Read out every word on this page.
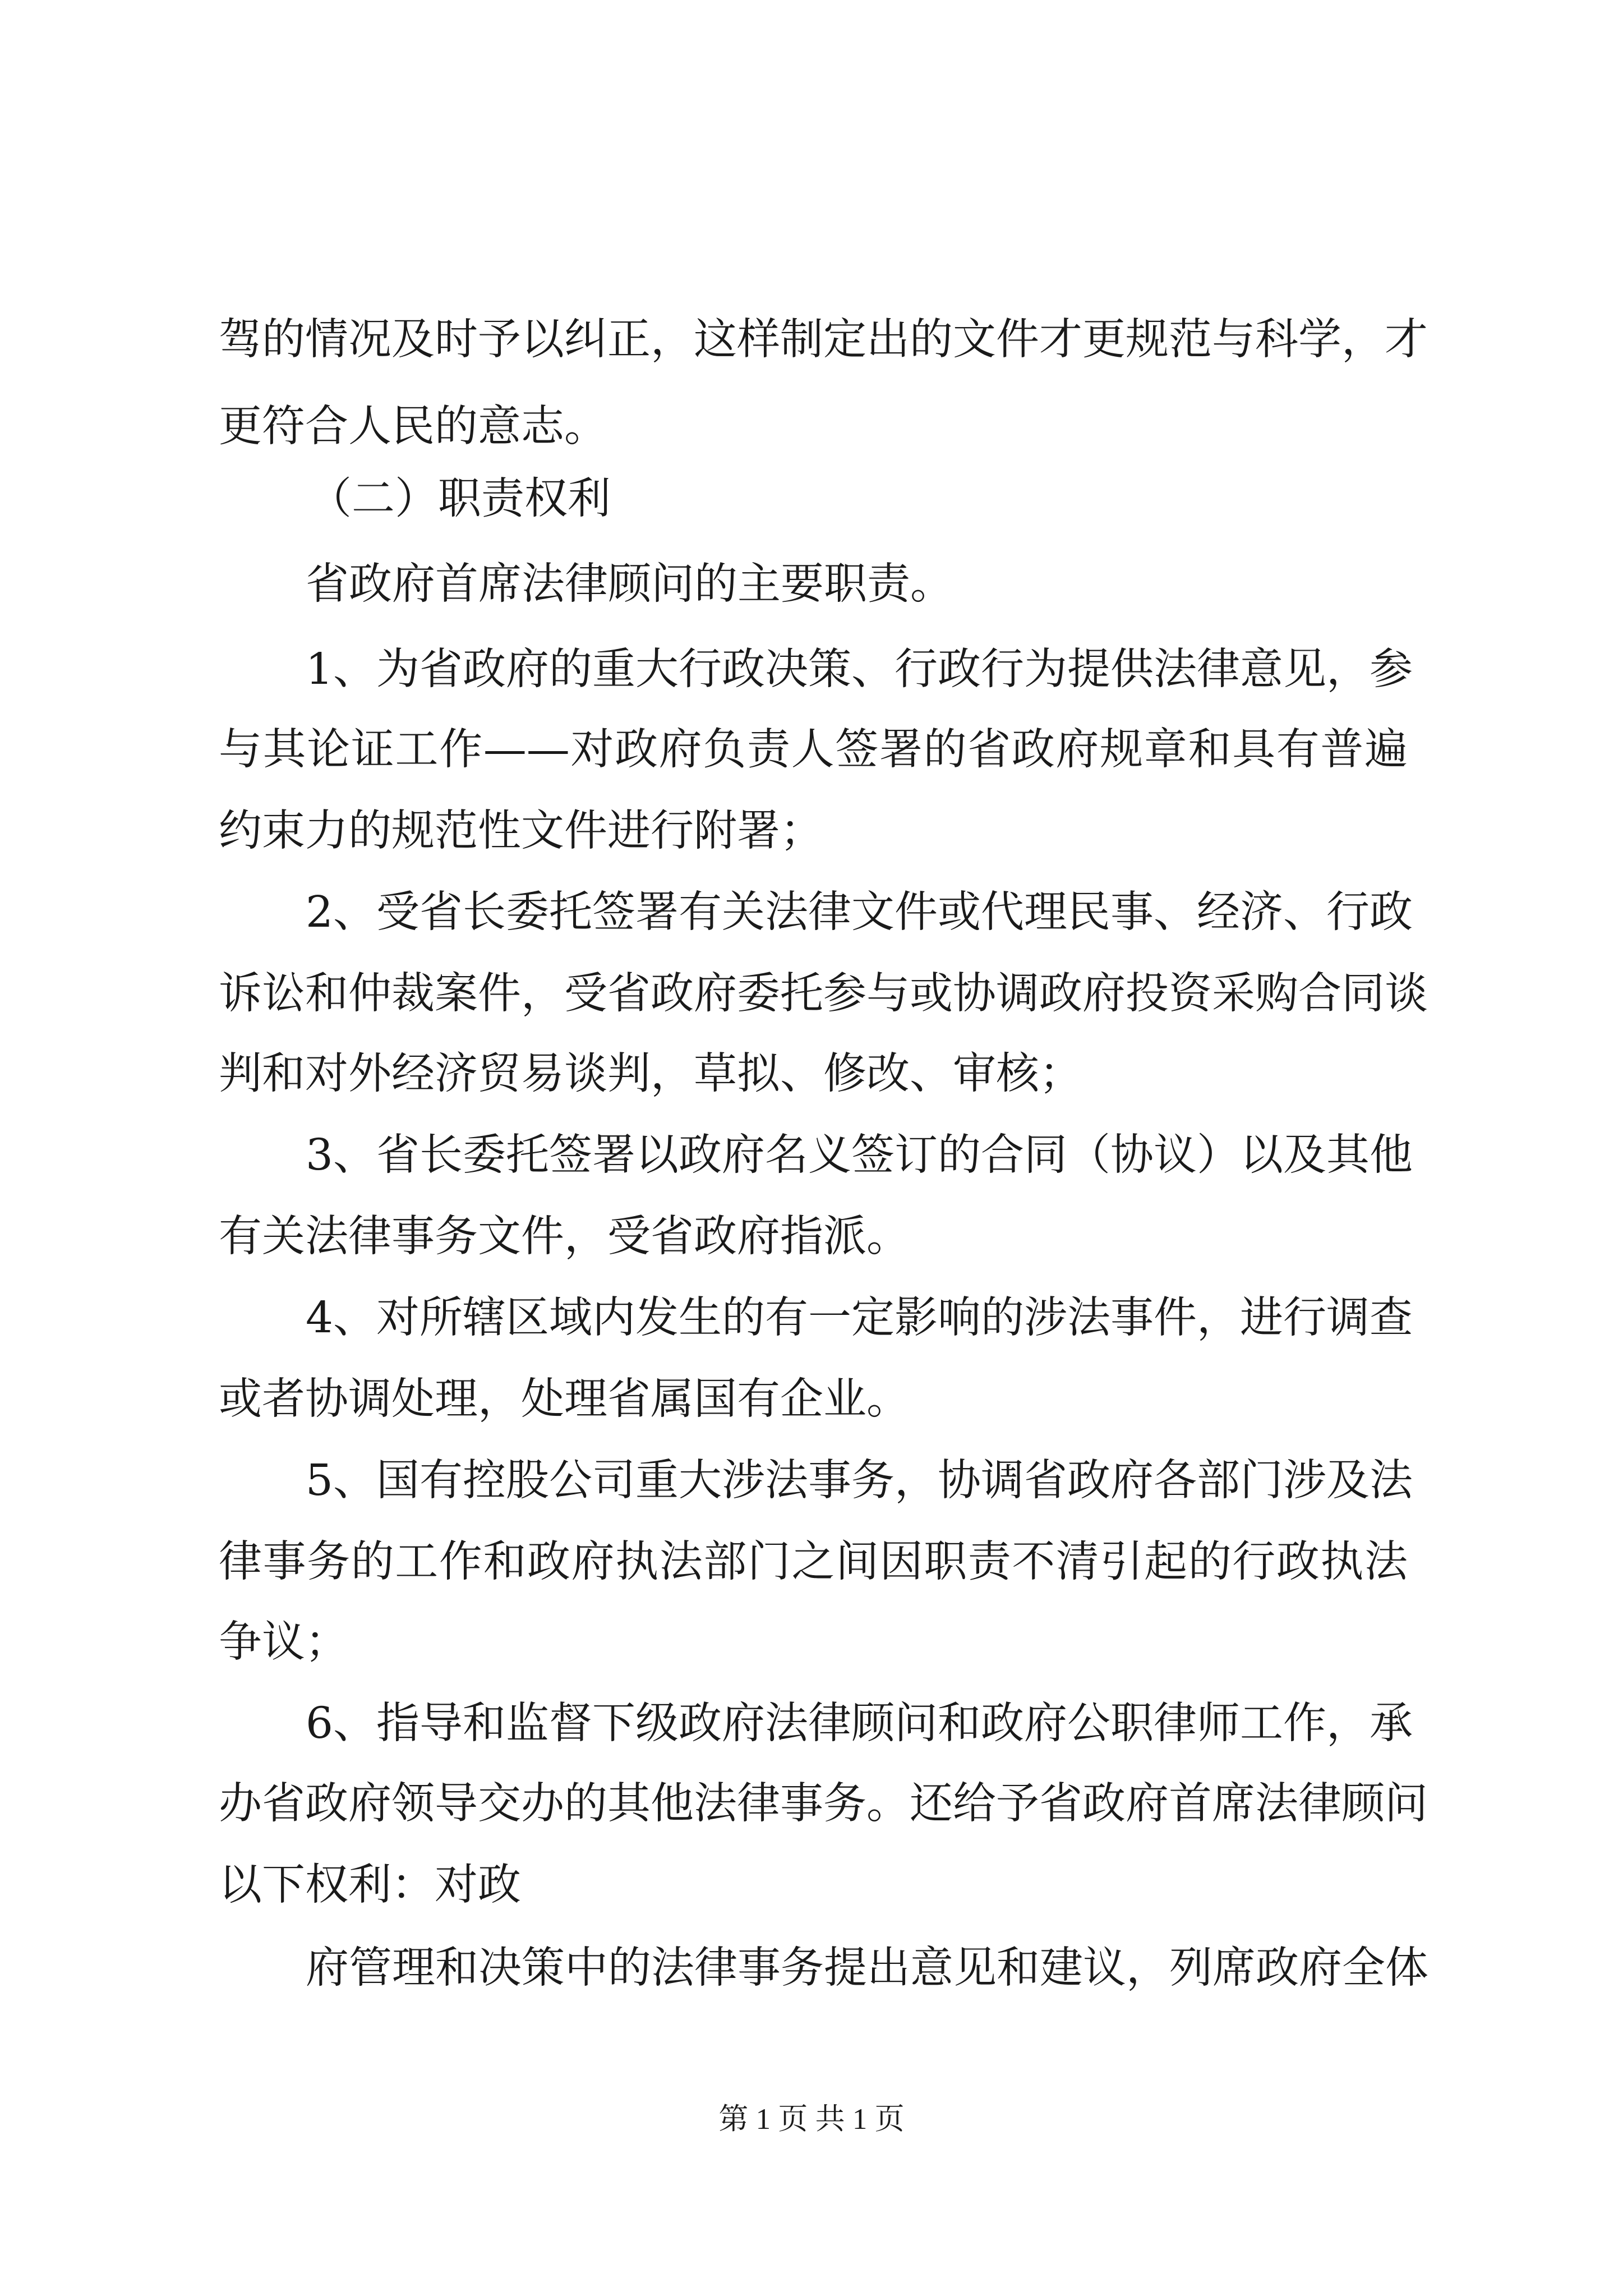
驾的情况及时予以纠正，这样制定出的文件才更规范与科学，才
更符合人民的意志。
（二）职责权利
省政府首席法律顾问的主要职责。
1、为省政府的重大行政决策、行政行为提供法律意见，参
与其论证工作——对政府负责人签署的省政府规章和具有普遍
约束力的规范性文件进行附署；
2、受省长委托签署有关法律文件或代理民事、经济、行政
诉讼和仲裁案件，受省政府委托参与或协调政府投资采购合同谈
判和对外经济贸易谈判，草拟、修改、审核；
3、省长委托签署以政府名义签订的合同（协议）以及其他
有关法律事务文件，受省政府指派。
4、对所辖区域内发生的有一定影响的涉法事件，进行调查
或者协调处理，处理省属国有企业。
5、国有控股公司重大涉法事务，协调省政府各部门涉及法
律事务的工作和政府执法部门之间因职责不清引起的行政执法
争议；
6、指导和监督下级政府法律顾问和政府公职律师工作，承
办省政府领导交办的其他法律事务。还给予省政府首席法律顾问
以下权利：对政
府管理和决策中的法律事务提出意见和建议，列席政府全体
第 1 页 共 1 页
